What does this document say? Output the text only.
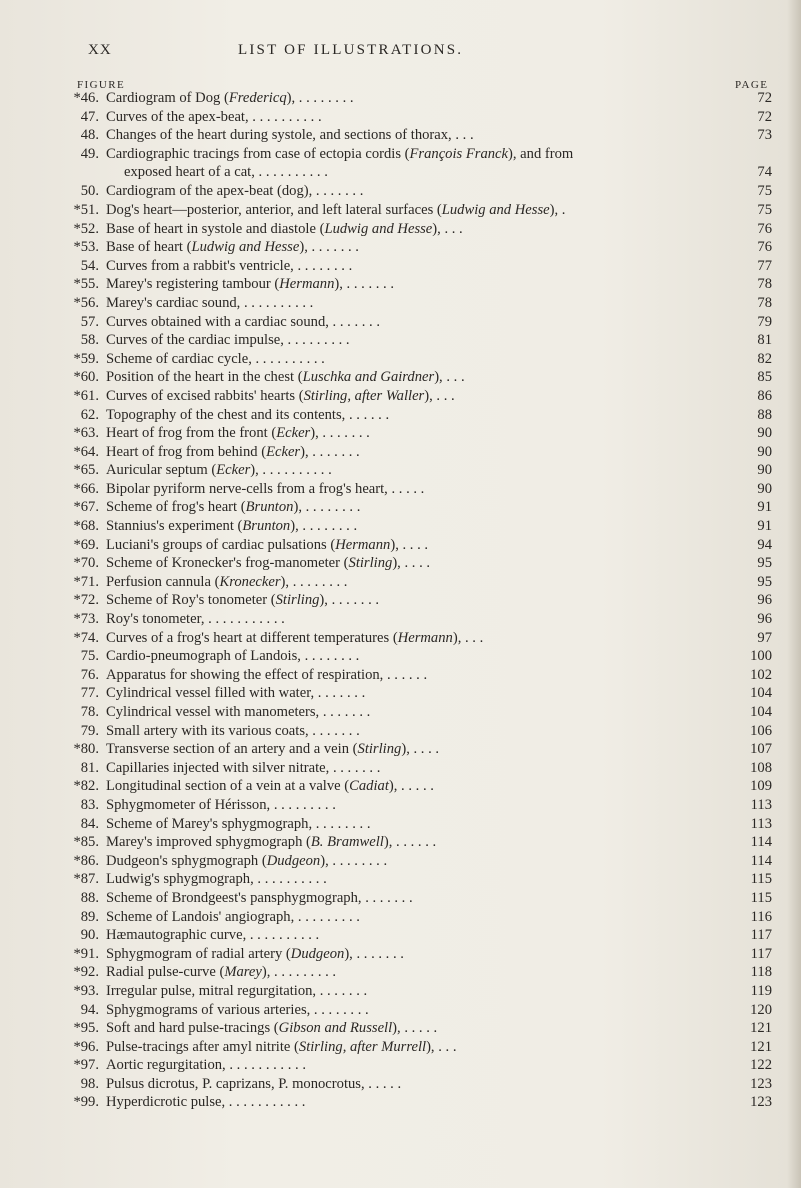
XX	LIST OF ILLUSTRATIONS.
FIGURE	PAGE
*46. Cardiogram of Dog (Fredericq), . . . . . . . .	72
47. Curves of the apex-beat, . . . . . . . . . .	72
48. Changes of the heart during systole, and sections of thorax, . . .	73
49. Cardiographic tracings from case of ectopia cordis (François Franck), and from
exposed heart of a cat, . . . . . . . . . .	74
50. Cardiogram of the apex-beat (dog), . . . . . . .	75
*51. Dog's heart—posterior, anterior, and left lateral surfaces (Ludwig and Hesse), .	75
*52. Base of heart in systole and diastole (Ludwig and Hesse), . . .	76
*53. Base of heart (Ludwig and Hesse), . . . . . . .	76
54. Curves from a rabbit's ventricle, . . . . . . . .	77
*55. Marey's registering tambour (Hermann), . . . . . . .	78
*56. Marey's cardiac sound, . . . . . . . . . .	78
57. Curves obtained with a cardiac sound, . . . . . . .	79
58. Curves of the cardiac impulse, . . . . . . . . .	81
*59. Scheme of cardiac cycle, . . . . . . . . . .	82
*60. Position of the heart in the chest (Luschka and Gairdner), . . .	85
*61. Curves of excised rabbits' hearts (Stirling, after Waller), . . .	86
62. Topography of the chest and its contents, . . . . . .	88
*63. Heart of frog from the front (Ecker), . . . . . . .	90
*64. Heart of frog from behind (Ecker), . . . . . . .	90
*65. Auricular septum (Ecker), . . . . . . . . . .	90
*66. Bipolar pyriform nerve-cells from a frog's heart, . . . . .	90
*67. Scheme of frog's heart (Brunton), . . . . . . . .	91
*68. Stannius's experiment (Brunton), . . . . . . . .	91
*69. Luciani's groups of cardiac pulsations (Hermann), . . . .	94
*70. Scheme of Kronecker's frog-manometer (Stirling), . . . .	95
*71. Perfusion cannula (Kronecker), . . . . . . . .	95
*72. Scheme of Roy's tonometer (Stirling), . . . . . . .	96
*73. Roy's tonometer, . . . . . . . . . . .	96
*74. Curves of a frog's heart at different temperatures (Hermann), . . .	97
75. Cardio-pneumograph of Landois, . . . . . . . .	100
76. Apparatus for showing the effect of respiration, . . . . . .	102
77. Cylindrical vessel filled with water, . . . . . . .	104
78. Cylindrical vessel with manometers, . . . . . . .	104
79. Small artery with its various coats, . . . . . . .	106
*80. Transverse section of an artery and a vein (Stirling), . . . .	107
81. Capillaries injected with silver nitrate, . . . . . . .	108
*82. Longitudinal section of a vein at a valve (Cadiat), . . . . .	109
83. Sphygmometer of Hérisson, . . . . . . . . .	113
84. Scheme of Marey's sphygmograph, . . . . . . . .	113
*85. Marey's improved sphygmograph (B. Bramwell), . . . . . .	114
*86. Dudgeon's sphygmograph (Dudgeon), . . . . . . . .	114
*87. Ludwig's sphygmograph, . . . . . . . . . .	115
88. Scheme of Brondgeest's pansphygmograph, . . . . . . .	115
89. Scheme of Landois' angiograph, . . . . . . . . .	116
90. Hæmautographic curve, . . . . . . . . . .	117
*91. Sphygmogram of radial artery (Dudgeon), . . . . . . .	117
*92. Radial pulse-curve (Marey), . . . . . . . . .	118
*93. Irregular pulse, mitral regurgitation, . . . . . . .	119
94. Sphygmograms of various arteries, . . . . . . . .	120
*95. Soft and hard pulse-tracings (Gibson and Russell), . . . . .	121
*96. Pulse-tracings after amyl nitrite (Stirling, after Murrell), . . .	121
*97. Aortic regurgitation, . . . . . . . . . . .	122
98. Pulsus dicrotus, P. caprizans, P. monocrotus, . . . . .	123
*99. Hyperdicrotic pulse, . . . . . . . . . . .	123
